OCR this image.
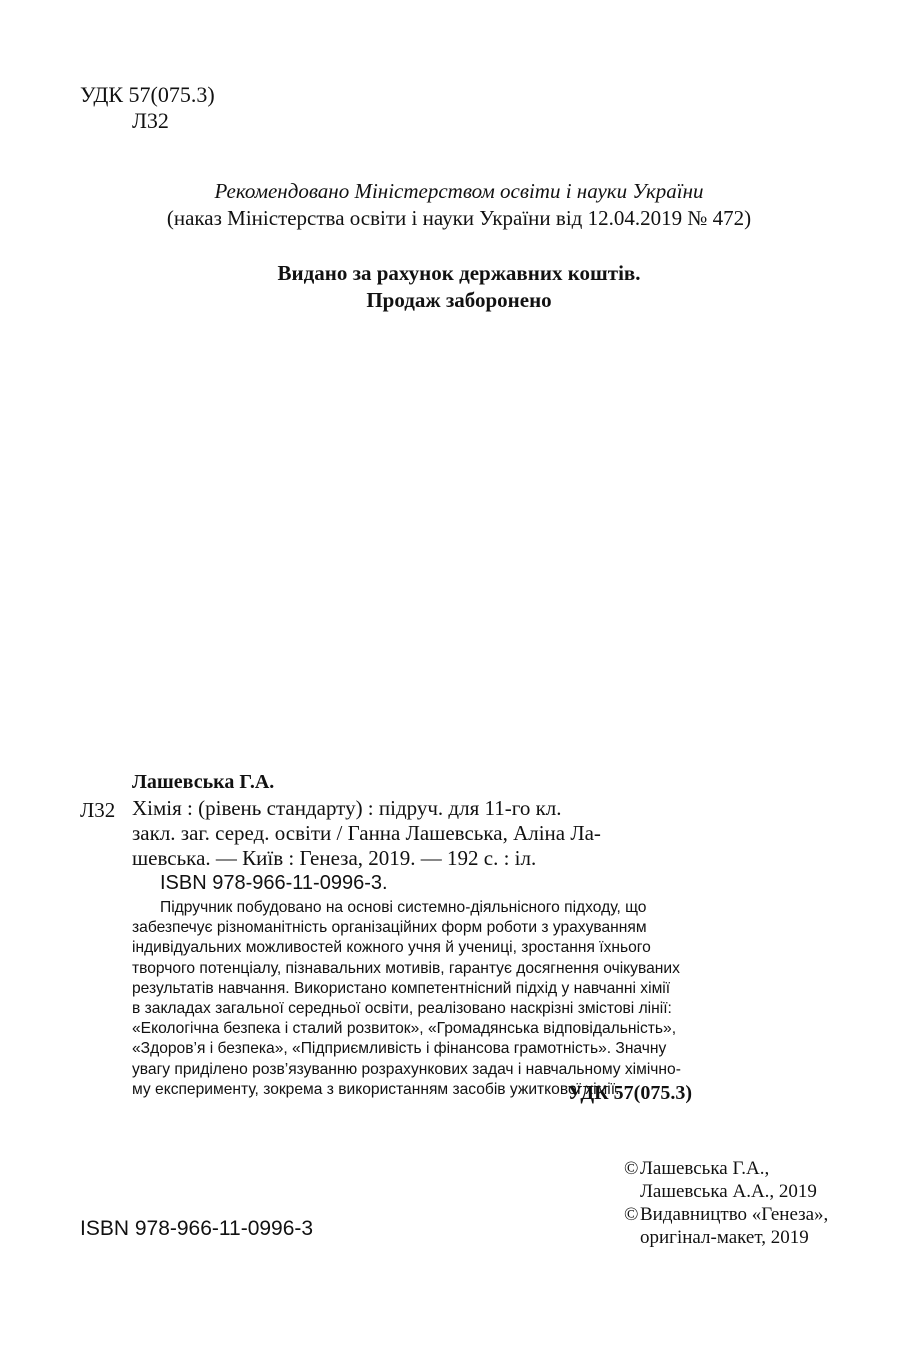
УДК 57(075.3)
Л32
Рекомендовано Міністерством освіти і науки України
(наказ Міністерства освіти і науки України від 12.04.2019 № 472)
Видано за рахунок державних коштів.
Продаж заборонено
Лашевська Г.А.
Л32 Хімія : (рівень стандарту) : підруч. для 11-го кл.
закл. заг. серед. освіти / Ганна Лашевська, Аліна Ла-
шевська. — Київ : Генеза, 2019. — 192 с. : іл.
ISBN 978-966-11-0996-3.
Підручник побудовано на основі системно-діяльнісного підходу, що
забезпечує різноманітність організаційних форм роботи з урахуванням
індивідуальних можливостей кожного учня й учениці, зростання їхнього
творчого потенціалу, пізнавальних мотивів, гарантує досягнення очікуваних
результатів навчання. Використано компетентнісний підхід у навчанні хімії
в закладах загальної середньої освіти, реалізовано наскрізні змістові лінії:
«Екологічна безпека і сталий розвиток», «Громадянська відповідальність»,
«Здоров’я і безпека», «Підприємливість і фінансова грамотність». Значну
увагу приділено розв’язуванню розрахункових задач і навчальному хімічно-
му експерименту, зокрема з використанням засобів ужиткової хімії.
УДК 57(075.3)
ISBN 978-966-11-0996-3
©Лашевська Г.А.,
Лашевська А.А., 2019
©Видавництво «Генеза»,
оригінал-макет, 2019
